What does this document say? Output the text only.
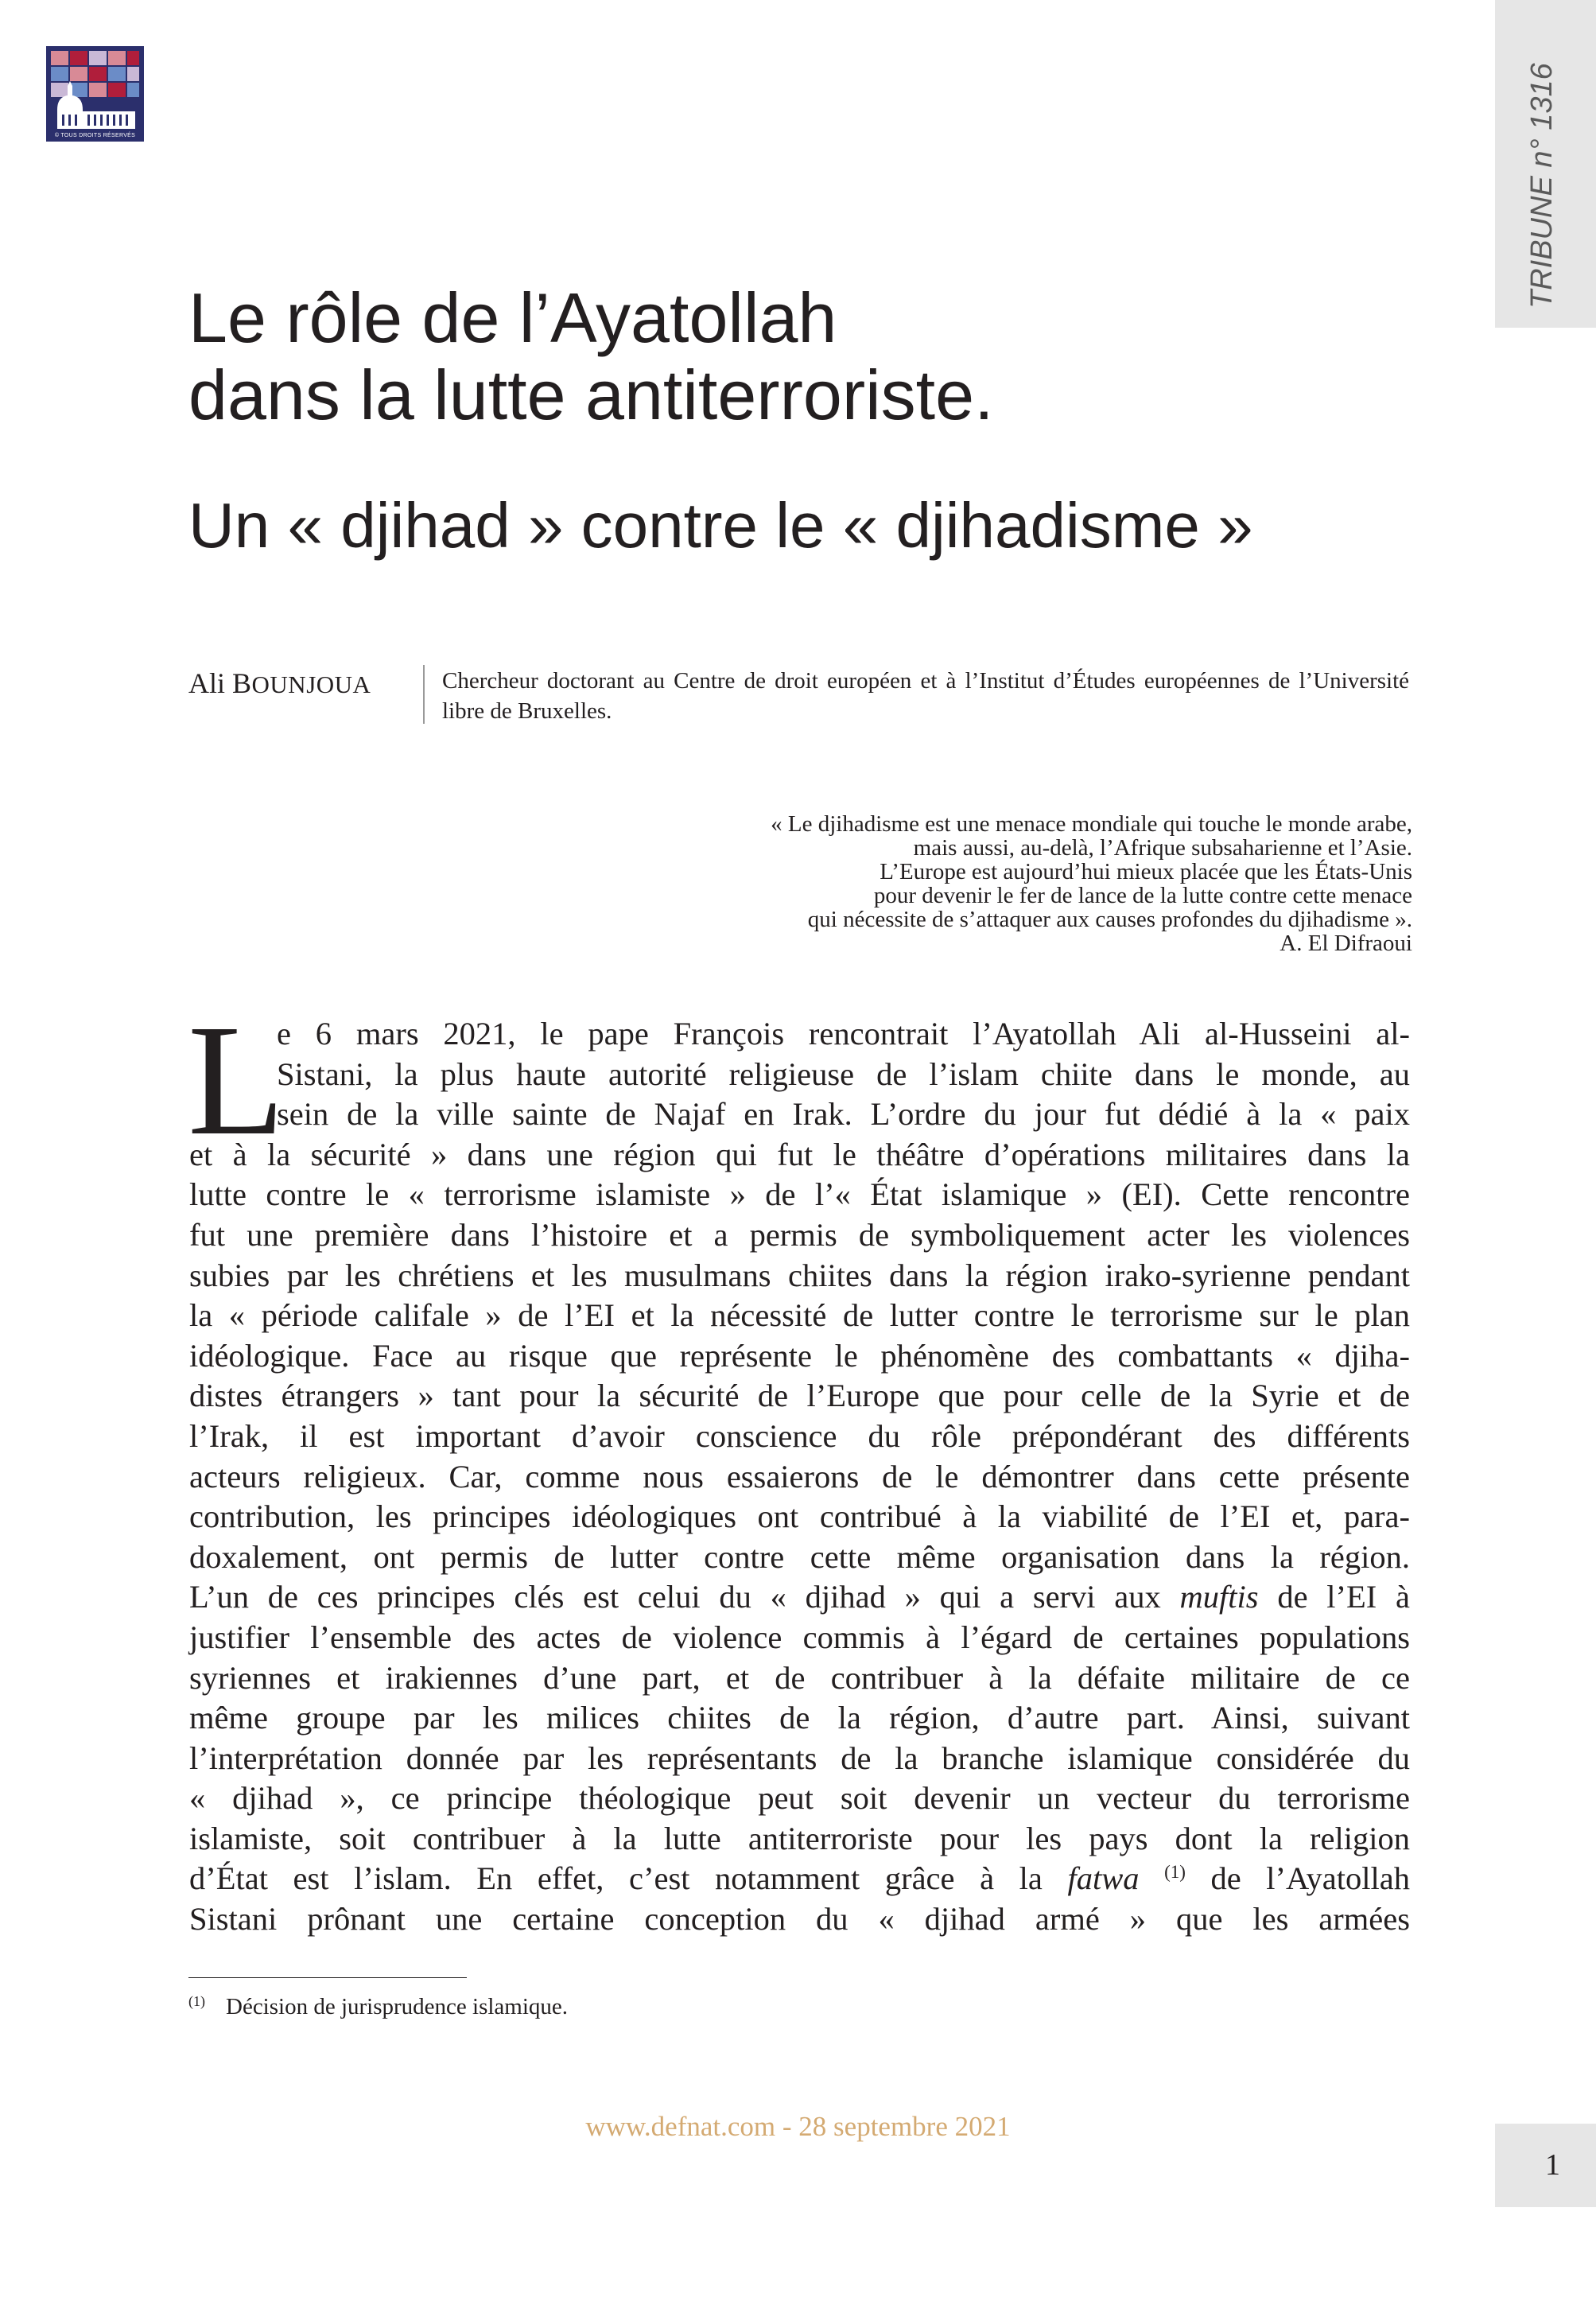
© TOUS DROITS RÉSERVÉS	TRIBUNE n° 1316
1
Le rôle de l’Ayatollah
dans la lutte antiterroriste.
Un « djihad » contre le « djihadisme »
Ali BOUNJOUA	Chercheur doctorant au Centre de droit européen et à l’Institut d’Études européennes de l’Université libre de Bruxelles.
« Le djihadisme est une menace mondiale qui touche le monde arabe,
mais aussi, au-delà, l’Afrique subsaharienne et l’Asie.
L’Europe est aujourd’hui mieux placée que les États-Unis
pour devenir le fer de lance de la lutte contre cette menace
qui nécessite de s’attaquer aux causes profondes du djihadisme ».
A. El Difraoui
L
e 6 mars 2021, le pape François rencontrait l’Ayatollah Ali al-Husseini al-
Sistani, la plus haute autorité religieuse de l’islam chiite dans le monde, au
sein de la ville sainte de Najaf en Irak. L’ordre du jour fut dédié à la « paix
et à la sécurité » dans une région qui fut le théâtre d’opérations militaires dans la
lutte contre le « terrorisme islamiste » de l’« État islamique » (EI). Cette rencontre
fut une première dans l’histoire et a permis de symboliquement acter les violences
subies par les chrétiens et les musulmans chiites dans la région irako-syrienne pendant
la « période califale » de l’EI et la nécessité de lutter contre le terrorisme sur le plan
idéologique. Face au risque que représente le phénomène des combattants « djiha-
distes étrangers » tant pour la sécurité de l’Europe que pour celle de la Syrie et de
l’Irak, il est important d’avoir conscience du rôle prépondérant des différents
acteurs religieux. Car, comme nous essaierons de le démontrer dans cette présente
contribution, les principes idéologiques ont contribué à la viabilité de l’EI et, para-
doxalement, ont permis de lutter contre cette même organisation dans la région.
L’un de ces principes clés est celui du « djihad » qui a servi aux muftis de l’EI à
justifier l’ensemble des actes de violence commis à l’égard de certaines populations
syriennes et irakiennes d’une part, et de contribuer à la défaite militaire de ce
même groupe par les milices chiites de la région, d’autre part. Ainsi, suivant
l’interprétation donnée par les représentants de la branche islamique considérée du
« djihad », ce principe théologique peut soit devenir un vecteur du terrorisme
islamiste, soit contribuer à la lutte antiterroriste pour les pays dont la religion
d’État est l’islam. En effet, c’est notamment grâce à la fatwa $^{(1)}$ de l’Ayatollah
Sistani prônant une certaine conception du « djihad armé » que les armées
$^{(1)}$ Décision de jurisprudence islamique.
www.defnat.com - 28 septembre 2021
